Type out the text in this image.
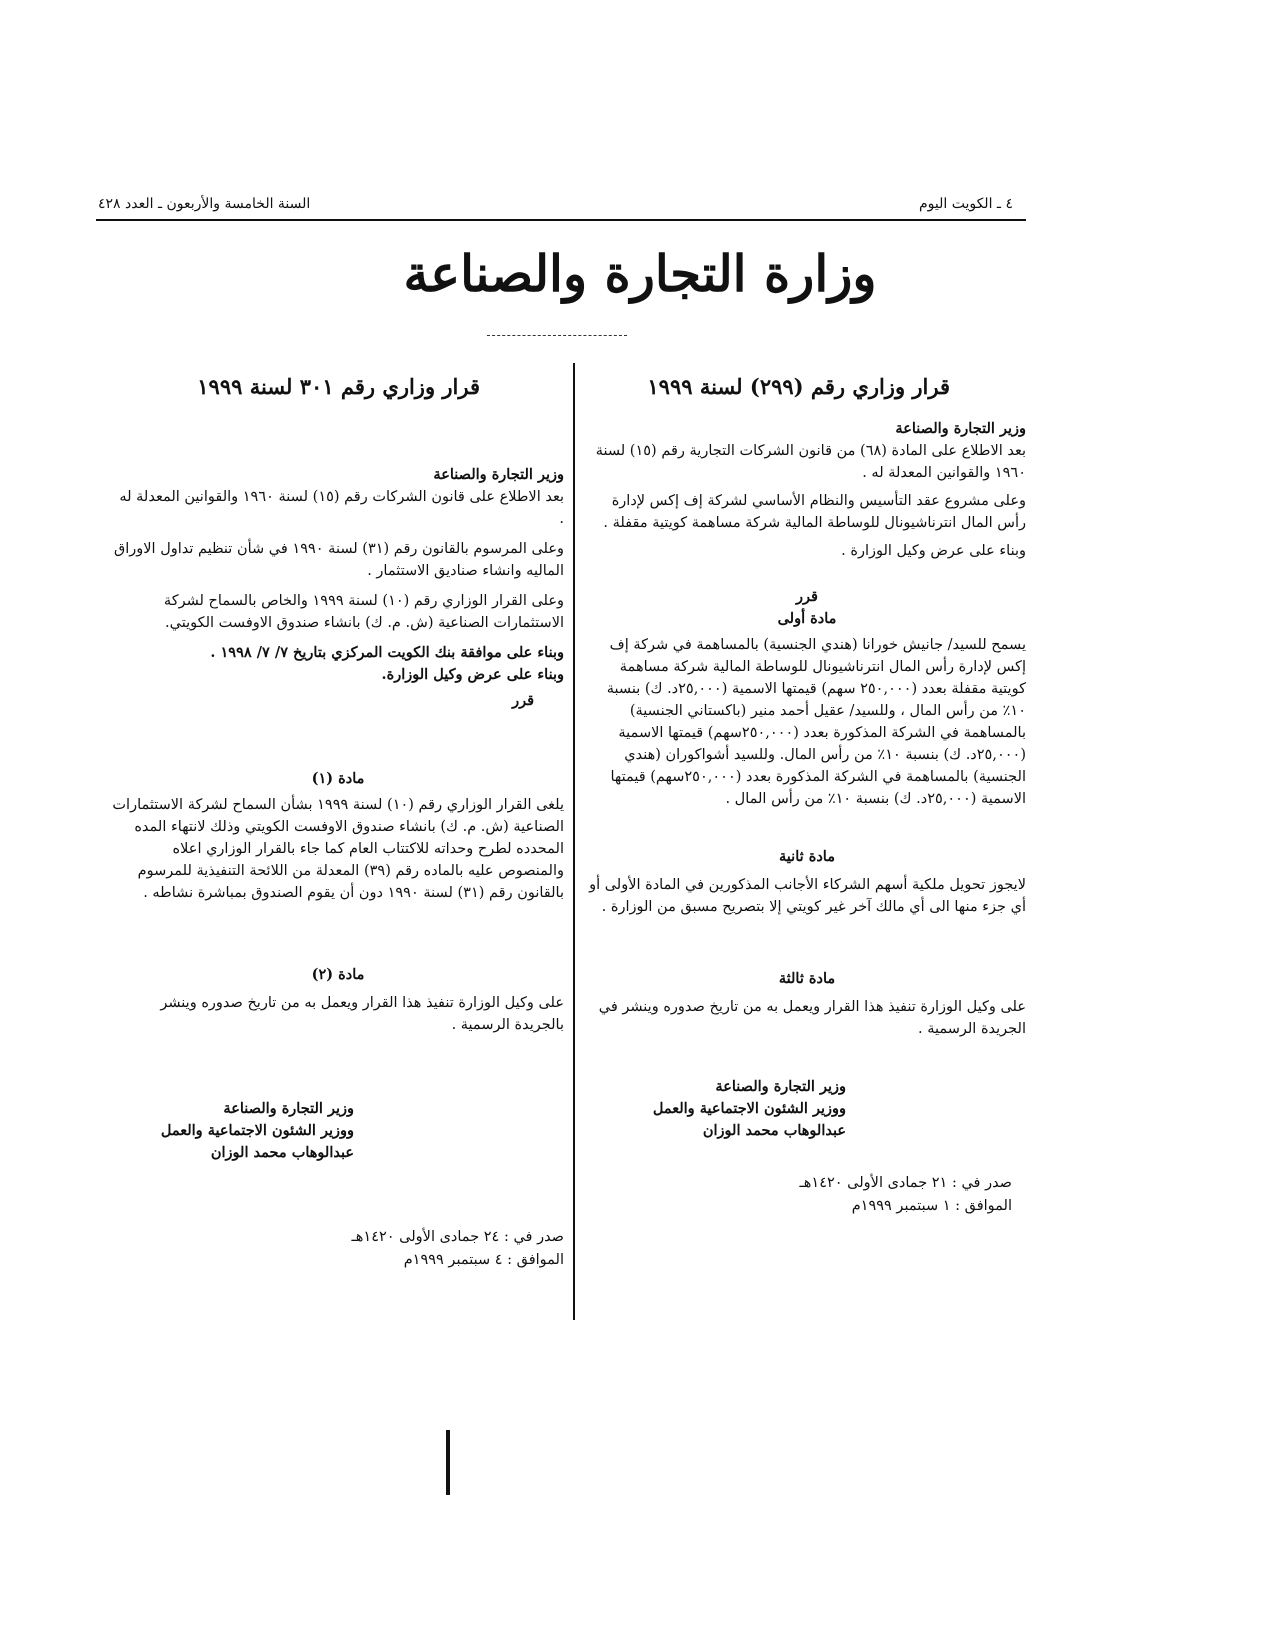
٤ ـ الكويت اليوم
السنة الخامسة والأربعون ـ العدد ٤٢٨
وزارة التجارة والصناعة

قرار وزاري رقم (٢٩٩) لسنة ١٩٩٩

وزير التجارة والصناعة

بعد الاطلاع على المادة (٦٨) من قانون الشركات التجارية رقم (١٥) لسنة ١٩٦٠ والقوانين المعدلة له .

وعلى مشروع عقد التأسيس والنظام الأساسي لشركة إف إكس لإدارة رأس المال انترناشيونال للوساطة المالية شركة مساهمة كويتية مقفلة .

وبناء على عرض وكيل الوزارة .

قرر

مادة أولى

يسمح للسيد/ جانيش خورانا (هندي الجنسية) بالمساهمة في شركة إف إكس لإدارة رأس المال انترناشيونال للوساطة المالية شركة مساهمة كويتية مقفلة بعدد (٢٥٠,٠٠٠ سهم) قيمتها الاسمية (٢٥,٠٠٠د. ك) بنسبة ١٠٪ من رأس المال ، وللسيد/ عقيل أحمد منير (باكستاني الجنسية) بالمساهمة في الشركة المذكورة بعدد (٢٥٠,٠٠٠سهم) قيمتها الاسمية (٢٥,٠٠٠د. ك) بنسبة ١٠٪ من رأس المال. وللسيد أشواكوران (هندي الجنسية) بالمساهمة في الشركة المذكورة بعدد (٢٥٠,٠٠٠سهم) قيمتها الاسمية (٢٥,٠٠٠د. ك) بنسبة ١٠٪ من رأس المال .

مادة ثانية

لايجوز تحويل ملكية أسهم الشركاء الأجانب المذكورين في المادة الأولى أو أي جزء منها الى أي مالك آخر غير كويتي إلا بتصريح مسبق من الوزارة .

مادة ثالثة

على وكيل الوزارة تنفيذ هذا القرار ويعمل به من تاريخ صدوره وينشر في الجريدة الرسمية .

وزير التجارة والصناعة

ووزير الشئون الاجتماعية والعمل

عبدالوهاب محمد الوزان

صدر في : ٢١ جمادى الأولى ١٤٢٠هـ

الموافق : ١ سبتمبر ١٩٩٩م

قرار وزاري رقم ٣٠١ لسنة ١٩٩٩

وزير التجارة والصناعة

بعد الاطلاع على قانون الشركات رقم (١٥) لسنة ١٩٦٠ والقوانين المعدلة له .

وعلى المرسوم بالقانون رقم (٣١) لسنة ١٩٩٠ في شأن تنظيم تداول الاوراق الماليه وانشاء صناديق الاستثمار .

وعلى القرار الوزاري رقم (١٠) لسنة ١٩٩٩ والخاص بالسماح لشركة الاستثمارات الصناعية (ش. م. ك) بانشاء صندوق الاوفست الكويتي.

وبناء على موافقة بنك الكويت المركزي بتاريخ ٧/ ٧/ ١٩٩٨ .

وبناء على عرض وكيل الوزارة.

قرر

مادة (١)

يلغى القرار الوزاري رقم (١٠) لسنة ١٩٩٩ بشأن السماح لشركة الاستثمارات الصناعية (ش. م. ك) بانشاء صندوق الاوفست الكويتي وذلك لانتهاء المده المحدده لطرح وحداته للاكتتاب العام كما جاء بالقرار الوزاري اعلاه والمنصوص عليه بالماده رقم (٣٩) المعدلة من اللائحة التنفيذية للمرسوم بالقانون رقم (٣١) لسنة ١٩٩٠ دون أن يقوم الصندوق بمباشرة نشاطه .

مادة (٢)

على وكيل الوزارة تنفيذ هذا القرار ويعمل به من تاريخ صدوره وينشر بالجريدة الرسمية .

وزير التجارة والصناعة

ووزير الشئون الاجتماعية والعمل

عبدالوهاب محمد الوزان

صدر في : ٢٤ جمادى الأولى ١٤٢٠هـ

الموافق : ٤ سبتمبر ١٩٩٩م
